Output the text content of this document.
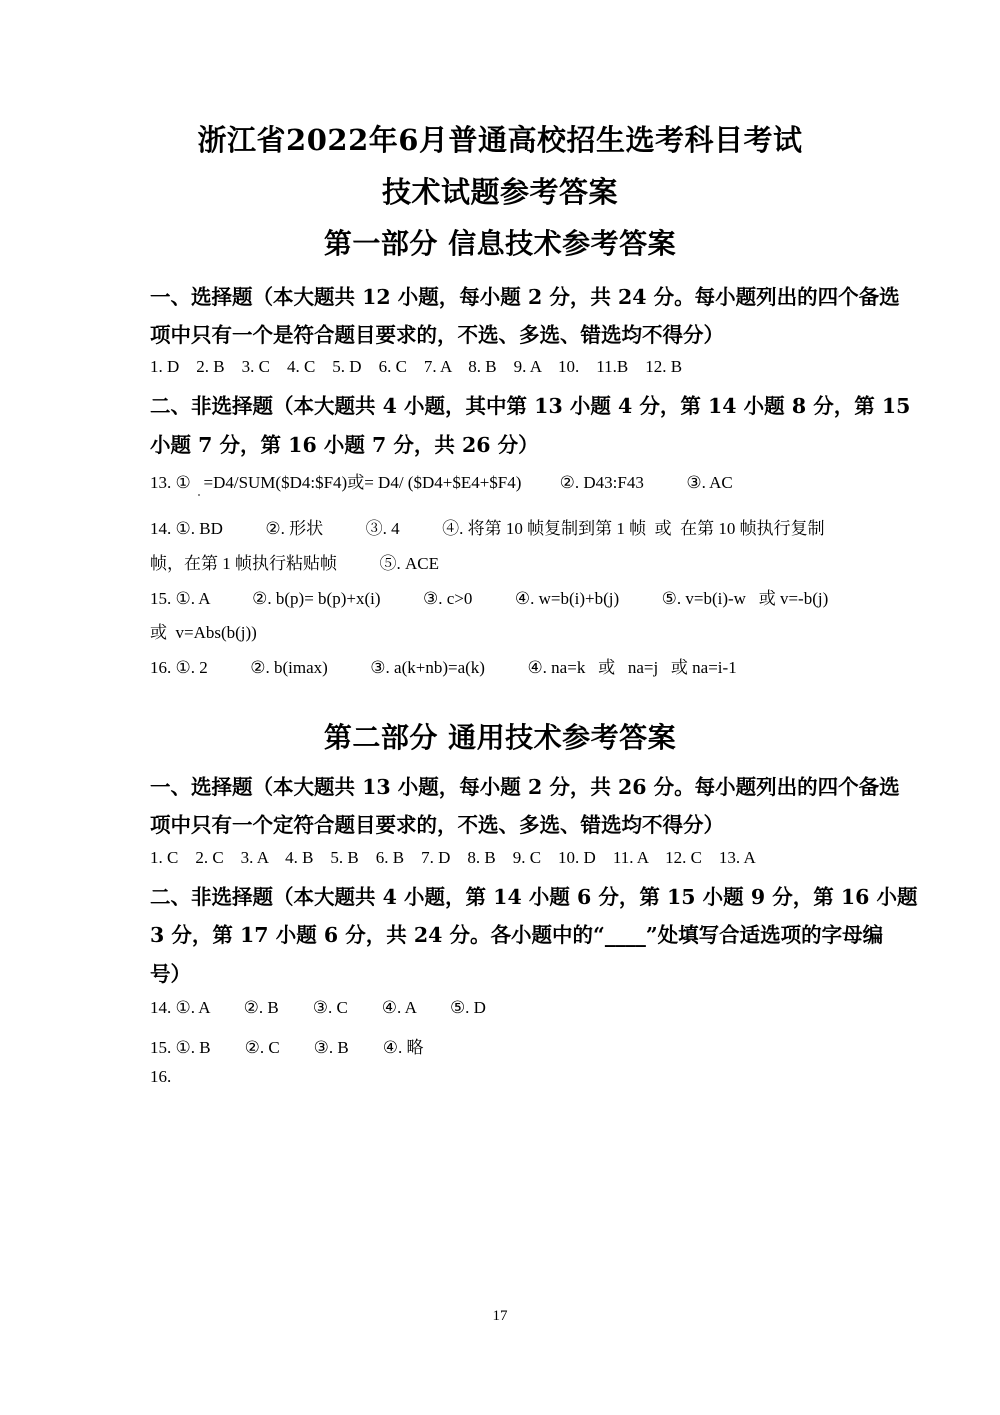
浙江省2022年6月普通高校招生选考科目考试
技术试题参考答案
第一部分 信息技术参考答案
一、选择题（本大题共 12 小题，每小题 2 分，共 24 分。每小题列出的四个备选
项中只有一个是符合题目要求的，不选、多选、错选均不得分）
1. D    2. B    3. C    4. C    5. D    6. C    7. A    8. B    9. A    10.    11.B    12. B
二、非选择题（本大题共 4 小题，其中第 13 小题 4 分，第 14 小题 8 分，第 15
小题 7 分，第 16 小题 7 分，共 26 分）
13. ①   =D4/SUM($D4:$F4)或= D4/ ($D4+$E4+$F4)         ②. D43:F43          ③. AC
14. ①. BD          ②. 形状          ③. 4          ④. 将第 10 帧复制到第 1 帧  或  在第 10 帧执行复制
帧，在第 1 帧执行粘贴帧          ⑤. ACE
15. ①. A          ②. b(p)= b(p)+x(i)          ③. c>0          ④. w=b(i)+b(j)          ⑤. v=b(i)-w   或 v=-b(j)
或  v=Abs(b(j))
16. ①. 2          ②. b(imax)          ③. a(k+nb)=a(k)          ④. na=k   或   na=j   或 na=i-1
第二部分 通用技术参考答案
一、选择题（本大题共 13 小题，每小题 2 分，共 26 分。每小题列出的四个备选
项中只有一个定符合题目要求的，不选、多选、错选均不得分）
1. C    2. C    3. A    4. B    5. B    6. B    7. D    8. B    9. C    10. D    11. A    12. C    13. A
二、非选择题（本大题共 4 小题，第 14 小题 6 分，第 15 小题 9 分，第 16 小题
3 分，第 17 小题 6 分，共 24 分。各小题中的“____”处填写合适选项的字母编
号）
14. ①. A        ②. B        ③. C        ④. A        ⑤. D
15. ①. B        ②. C        ③. B        ④. 略
16.
17
